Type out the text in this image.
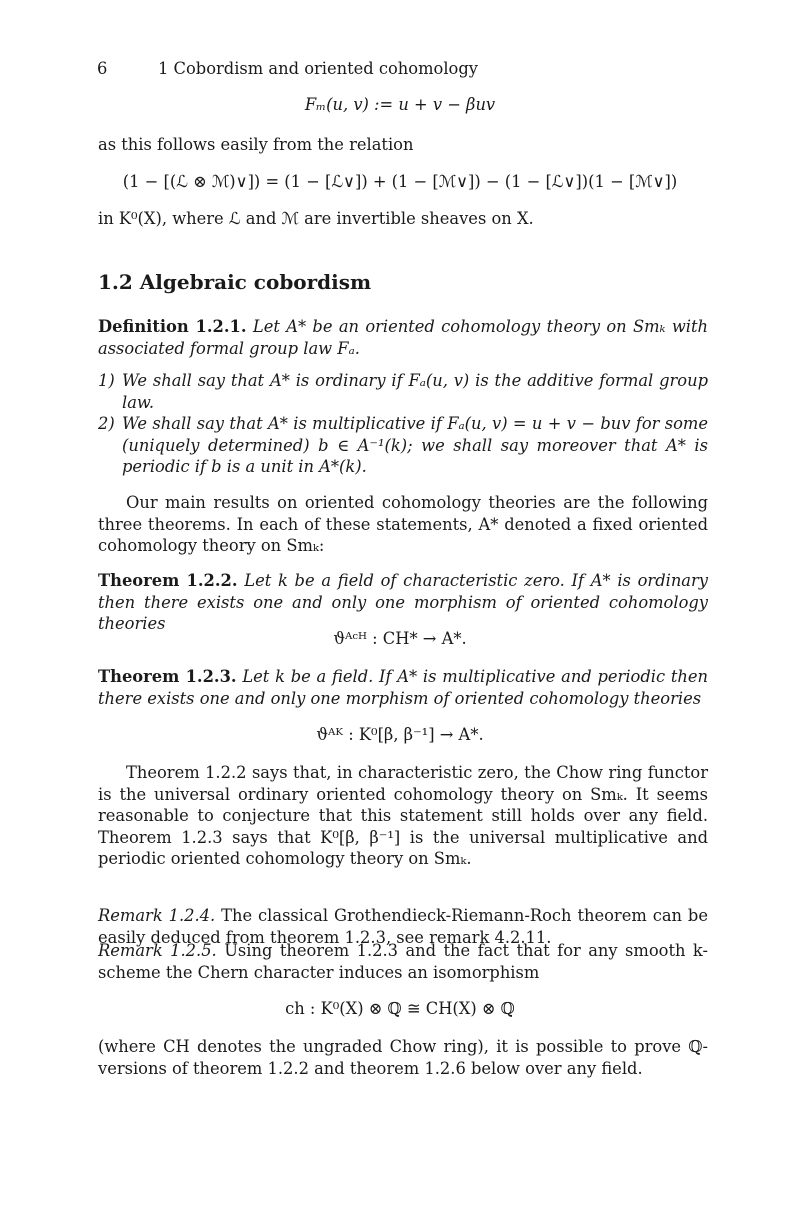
6	1 Cobordism and oriented cohomology
Fₘ(u, v) := u + v − βuv
as this follows easily from the relation
(1 − [(ℒ ⊗ ℳ)∨]) = (1 − [ℒ∨]) + (1 − [ℳ∨]) − (1 − [ℒ∨])(1 − [ℳ∨])
in K⁰(X), where ℒ and ℳ are invertible sheaves on X.
1.2 Algebraic cobordism
Definition 1.2.1. Let A* be an oriented cohomology theory on Smₖ with associated formal group law Fₐ.
1) We shall say that A* is ordinary if Fₐ(u, v) is the additive formal group law.
2) We shall say that A* is multiplicative if Fₐ(u, v) = u + v − buv for some (uniquely determined) b ∈ A⁻¹(k); we shall say moreover that A* is periodic if b is a unit in A*(k).
Our main results on oriented cohomology theories are the following three theorems. In each of these statements, A* denoted a fixed oriented cohomology theory on Smₖ:
Theorem 1.2.2. Let k be a field of characteristic zero. If A* is ordinary then there exists one and only one morphism of oriented cohomology theories
ϑᴬᶜᴴ : CH* → A*.
Theorem 1.2.3. Let k be a field. If A* is multiplicative and periodic then there exists one and only one morphism of oriented cohomology theories
ϑᴬᴷ : K⁰[β, β⁻¹] → A*.
Theorem 1.2.2 says that, in characteristic zero, the Chow ring functor is the universal ordinary oriented cohomology theory on Smₖ. It seems reasonable to conjecture that this statement still holds over any field. Theorem 1.2.3 says that K⁰[β, β⁻¹] is the universal multiplicative and periodic oriented cohomology theory on Smₖ.
Remark 1.2.4. The classical Grothendieck-Riemann-Roch theorem can be easily deduced from theorem 1.2.3, see remark 4.2.11.
Remark 1.2.5. Using theorem 1.2.3 and the fact that for any smooth k-scheme the Chern character induces an isomorphism
ch : K⁰(X) ⊗ ℚ ≅ CH(X) ⊗ ℚ
(where CH denotes the ungraded Chow ring), it is possible to prove ℚ-versions of theorem 1.2.2 and theorem 1.2.6 below over any field.
